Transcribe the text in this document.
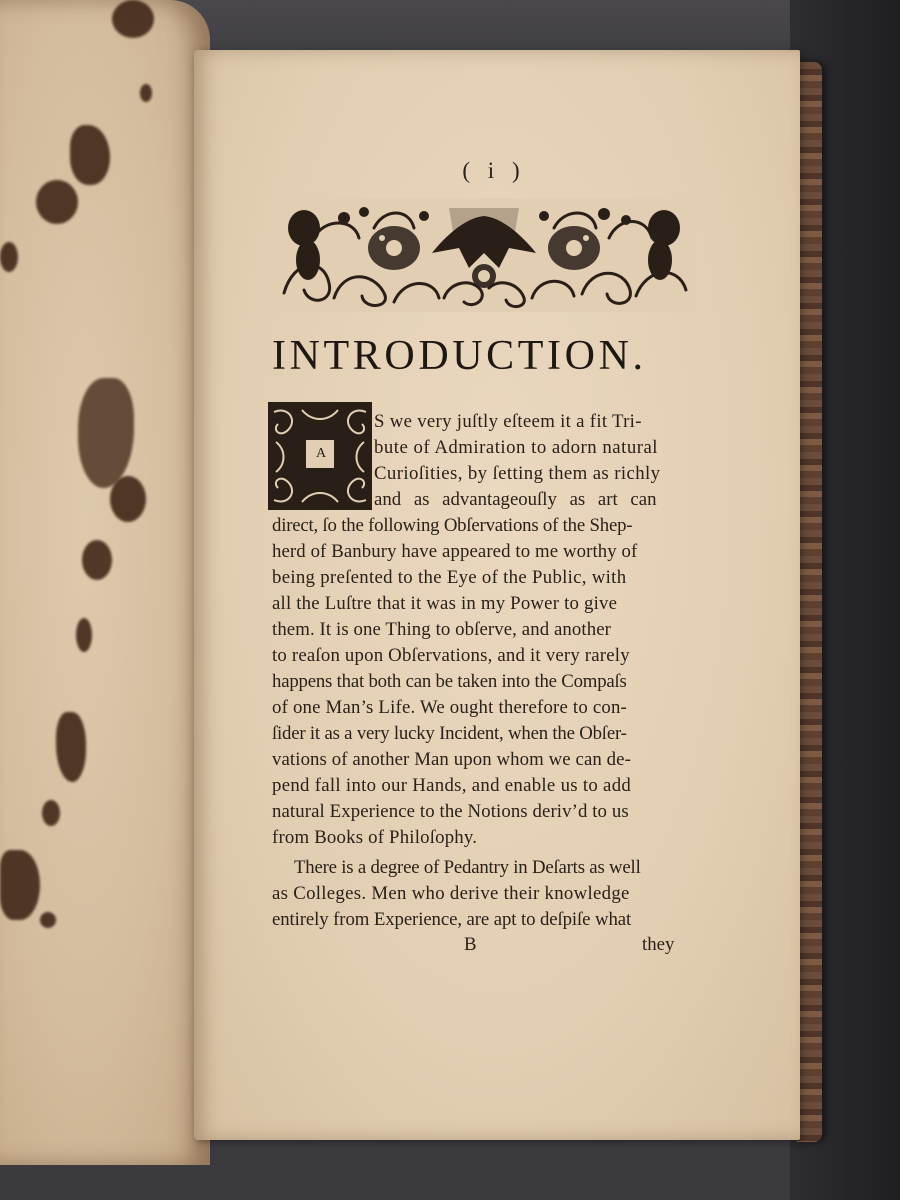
( i )
INTRODUCTION.
A
S we very juſtly eſteem it a fit Tri-
bute of Admiration to adorn natural
Curioſities, by ſetting them as richly
and as advantageouſly as art can
direct, ſo the following Obſervations of the Shep-
herd of Banbury have appeared to me worthy of
being preſented to the Eye of the Public, with
all the Luſtre that it was in my Power to give
them. It is one Thing to obſerve, and another
to reaſon upon Obſervations, and it very rarely
happens that both can be taken into the Compaſs
of one Man’s Life. We ought therefore to con-
ſider it as a very lucky Incident, when the Obſer-
vations of another Man upon whom we can de-
pend fall into our Hands, and enable us to add
natural Experience to the Notions deriv’d to us
from Books of Philoſophy.
There is a degree of Pedantry in Deſarts as well
as Colleges. Men who derive their knowledge
entirely from Experience, are apt to deſpiſe what
B	they
